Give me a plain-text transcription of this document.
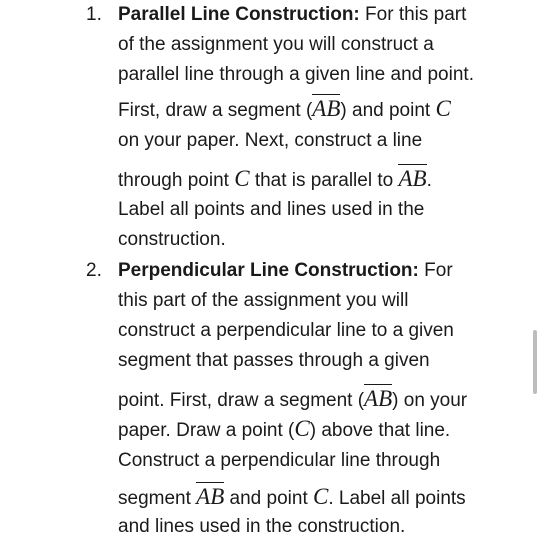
1. Parallel Line Construction: For this part
of the assignment you will construct a
parallel line through a given line and point.
First, draw a segment (AB) and point C
on your paper. Next, construct a line
through point C that is parallel to AB.
Label all points and lines used in the
construction.
2. Perpendicular Line Construction: For
this part of the assignment you will
construct a perpendicular line to a given
segment that passes through a given
point. First, draw a segment (AB) on your
paper. Draw a point (C) above that line.
Construct a perpendicular line through
segment AB and point C. Label all points
and lines used in the construction.
